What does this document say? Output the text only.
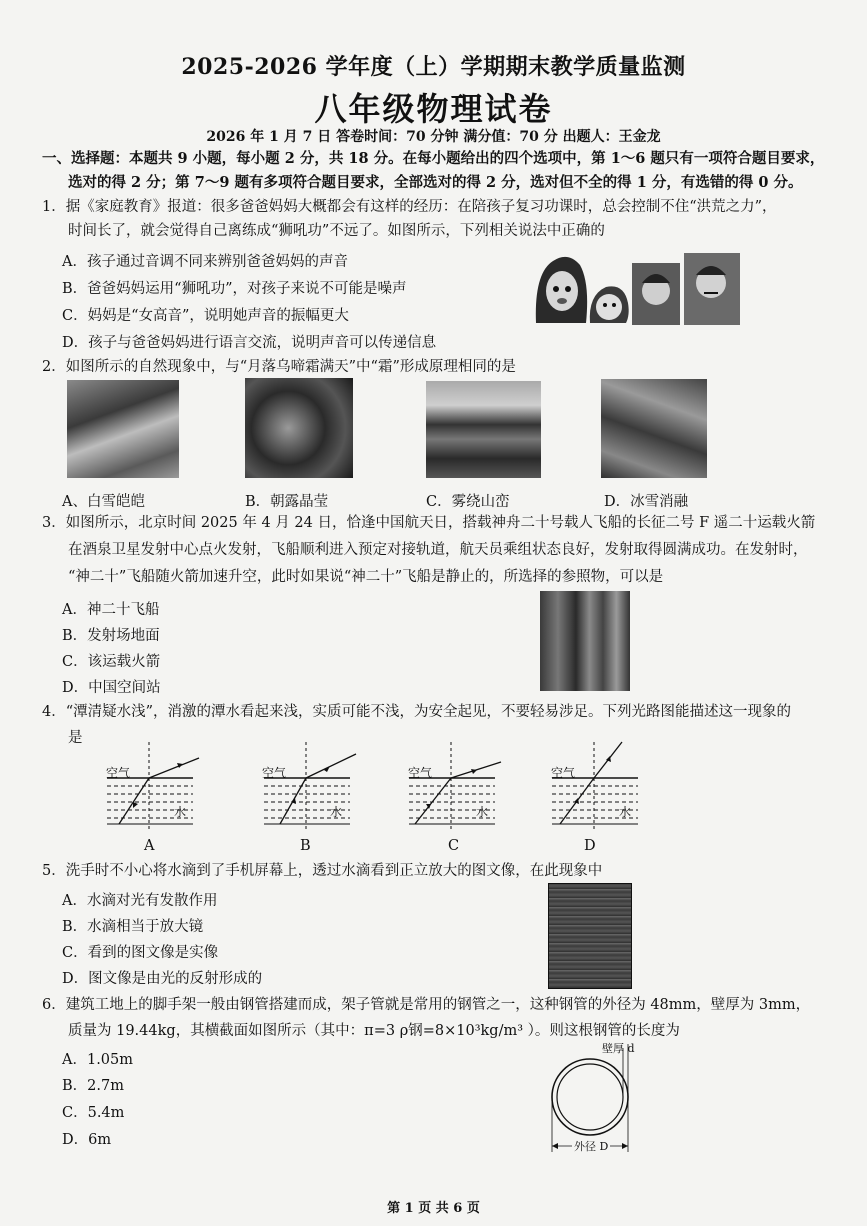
2025-2026 学年度（上）学期期末教学质量监测
八年级物理试卷
2026 年 1 月 7 日 答卷时间：70 分钟 满分值：70 分 出题人：王金龙
一、选择题：本题共 9 小题，每小题 2 分，共 18 分。在每小题给出的四个选项中，第 1～6 题只有一项符合题目要求，
选对的得 2 分；第 7～9 题有多项符合题目要求，全部选对的得 2 分，选对但不全的得 1 分，有选错的得 0 分。
1．据《家庭教育》报道：很多爸爸妈妈大概都会有这样的经历：在陪孩子复习功课时，总会控制不住“洪荒之力”，
时间长了，就会觉得自己离练成“狮吼功”不远了。如图所示，下列相关说法中正确的
A．孩子通过音调不同来辨别爸爸妈妈的声音
B．爸爸妈妈运用“狮吼功”，对孩子来说不可能是噪声
C．妈妈是“女高音”，说明她声音的振幅更大
D．孩子与爸爸妈妈进行语言交流，说明声音可以传递信息
2．如图所示的自然现象中，与“月落乌啼霜满天”中“霜”形成原理相同的是
A、白雪皑皑	B．朝露晶莹	C．雾绕山峦	D．冰雪消融
3．如图所示，北京时间 2025 年 4 月 24 日，恰逢中国航天日，搭载神舟二十号载人飞船的长征二号 F 遥二十运载火箭
在酒泉卫星发射中心点火发射，飞船顺利进入预定对接轨道，航天员乘组状态良好，发射取得圆满成功。在发射时，
“神二十”飞船随火箭加速升空，此时如果说“神二十”飞船是静止的，所选择的参照物，可以是
A．神二十飞船
B．发射场地面
C．该运载火箭
D．中国空间站
4．“潭清疑水浅”，消激的潭水看起来浅，实质可能不浅，为安全起见，不要轻易涉足。下列光路图能描述这一现象的
是
空气
水
空气
水
空气
水
空气
水
A	B	C	D
5．洗手时不小心将水滴到了手机屏幕上，透过水滴看到正立放大的图文像，在此现象中
A．水滴对光有发散作用
B．水滴相当于放大镜
C．看到的图文像是实像
D．图文像是由光的反射形成的
6．建筑工地上的脚手架一般由钢管搭建而成，架子管就是常用的钢管之一，这种钢管的外径为 48mm，壁厚为 3mm，
质量为 19.44kg，其横截面如图所示（其中：π=3 ρ钢=8×10³kg/m³ ）。则这根钢管的长度为
A．1.05m
B．2.7m
C．5.4m
D．6m
壁厚 d
外径 D
第 1 页 共 6 页
